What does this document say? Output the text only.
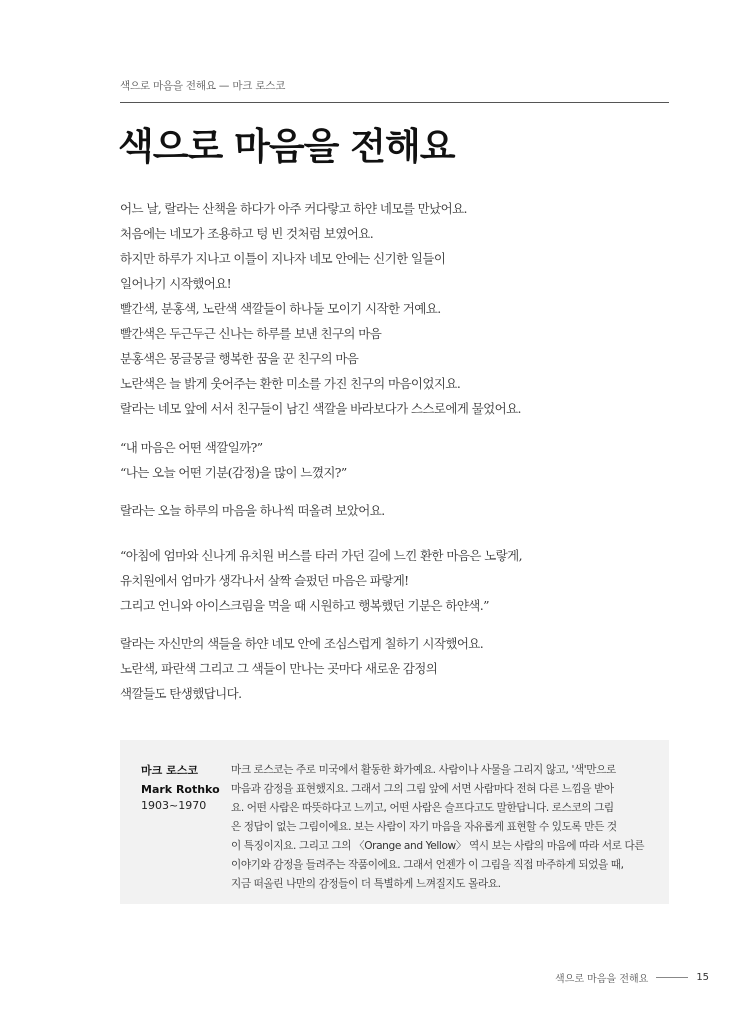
색으로 마음을 전해요 — 마크 로스코
색으로 마음을 전해요

어느 날, 랄라는 산책을 하다가 아주 커다랗고 하얀 네모를 만났어요.

처음에는 네모가 조용하고 텅 빈 것처럼 보였어요.

하지만 하루가 지나고 이틀이 지나자 네모 안에는 신기한 일들이

일어나기 시작했어요!

빨간색, 분홍색, 노란색 색깔들이 하나둘 모이기 시작한 거예요.

빨간색은 두근두근 신나는 하루를 보낸 친구의 마음

분홍색은 몽글몽글 행복한 꿈을 꾼 친구의 마음

노란색은 늘 밝게 웃어주는 환한 미소를 가진 친구의 마음이었지요.

랄라는 네모 앞에 서서 친구들이 남긴 색깔을 바라보다가 스스로에게 물었어요.

“내 마음은 어떤 색깔일까?”

“나는 오늘 어떤 기분(감정)을 많이 느꼈지?”

랄라는 오늘 하루의 마음을 하나씩 떠올려 보았어요.

“아침에 엄마와 신나게 유치원 버스를 타러 가던 길에 느낀 환한 마음은 노랗게,

유치원에서 엄마가 생각나서 살짝 슬펐던 마음은 파랗게!

그리고 언니와 아이스크림을 먹을 때 시원하고 행복했던 기분은 하얀색.”

랄라는 자신만의 색들을 하얀 네모 안에 조심스럽게 칠하기 시작했어요.

노란색, 파란색 그리고 그 색들이 만나는 곳마다 새로운 감정의

색깔들도 탄생했답니다.

마크 로스코
Mark Rothko

1903~1970

마크 로스코는 주로 미국에서 활동한 화가예요. 사람이나 사물을 그리지 않고, '색'만으로
마음과 감정을 표현했지요. 그래서 그의 그림 앞에 서면 사람마다 전혀 다른 느낌을 받아
요. 어떤 사람은 따뜻하다고 느끼고, 어떤 사람은 슬프다고도 말한답니다. 로스코의 그림
은 정답이 없는 그림이에요. 보는 사람이 자기 마음을 자유롭게 표현할 수 있도록 만든 것
이 특징이지요. 그리고 그의 〈Orange and Yellow〉 역시 보는 사람의 마음에 따라 서로 다른
이야기와 감정을 들려주는 작품이에요. 그래서 언젠가 이 그림을 직접 마주하게 되었을 때,
지금 떠올린 나만의 감정들이 더 특별하게 느껴질지도 몰라요.

색으로 마음을 전해요	15
